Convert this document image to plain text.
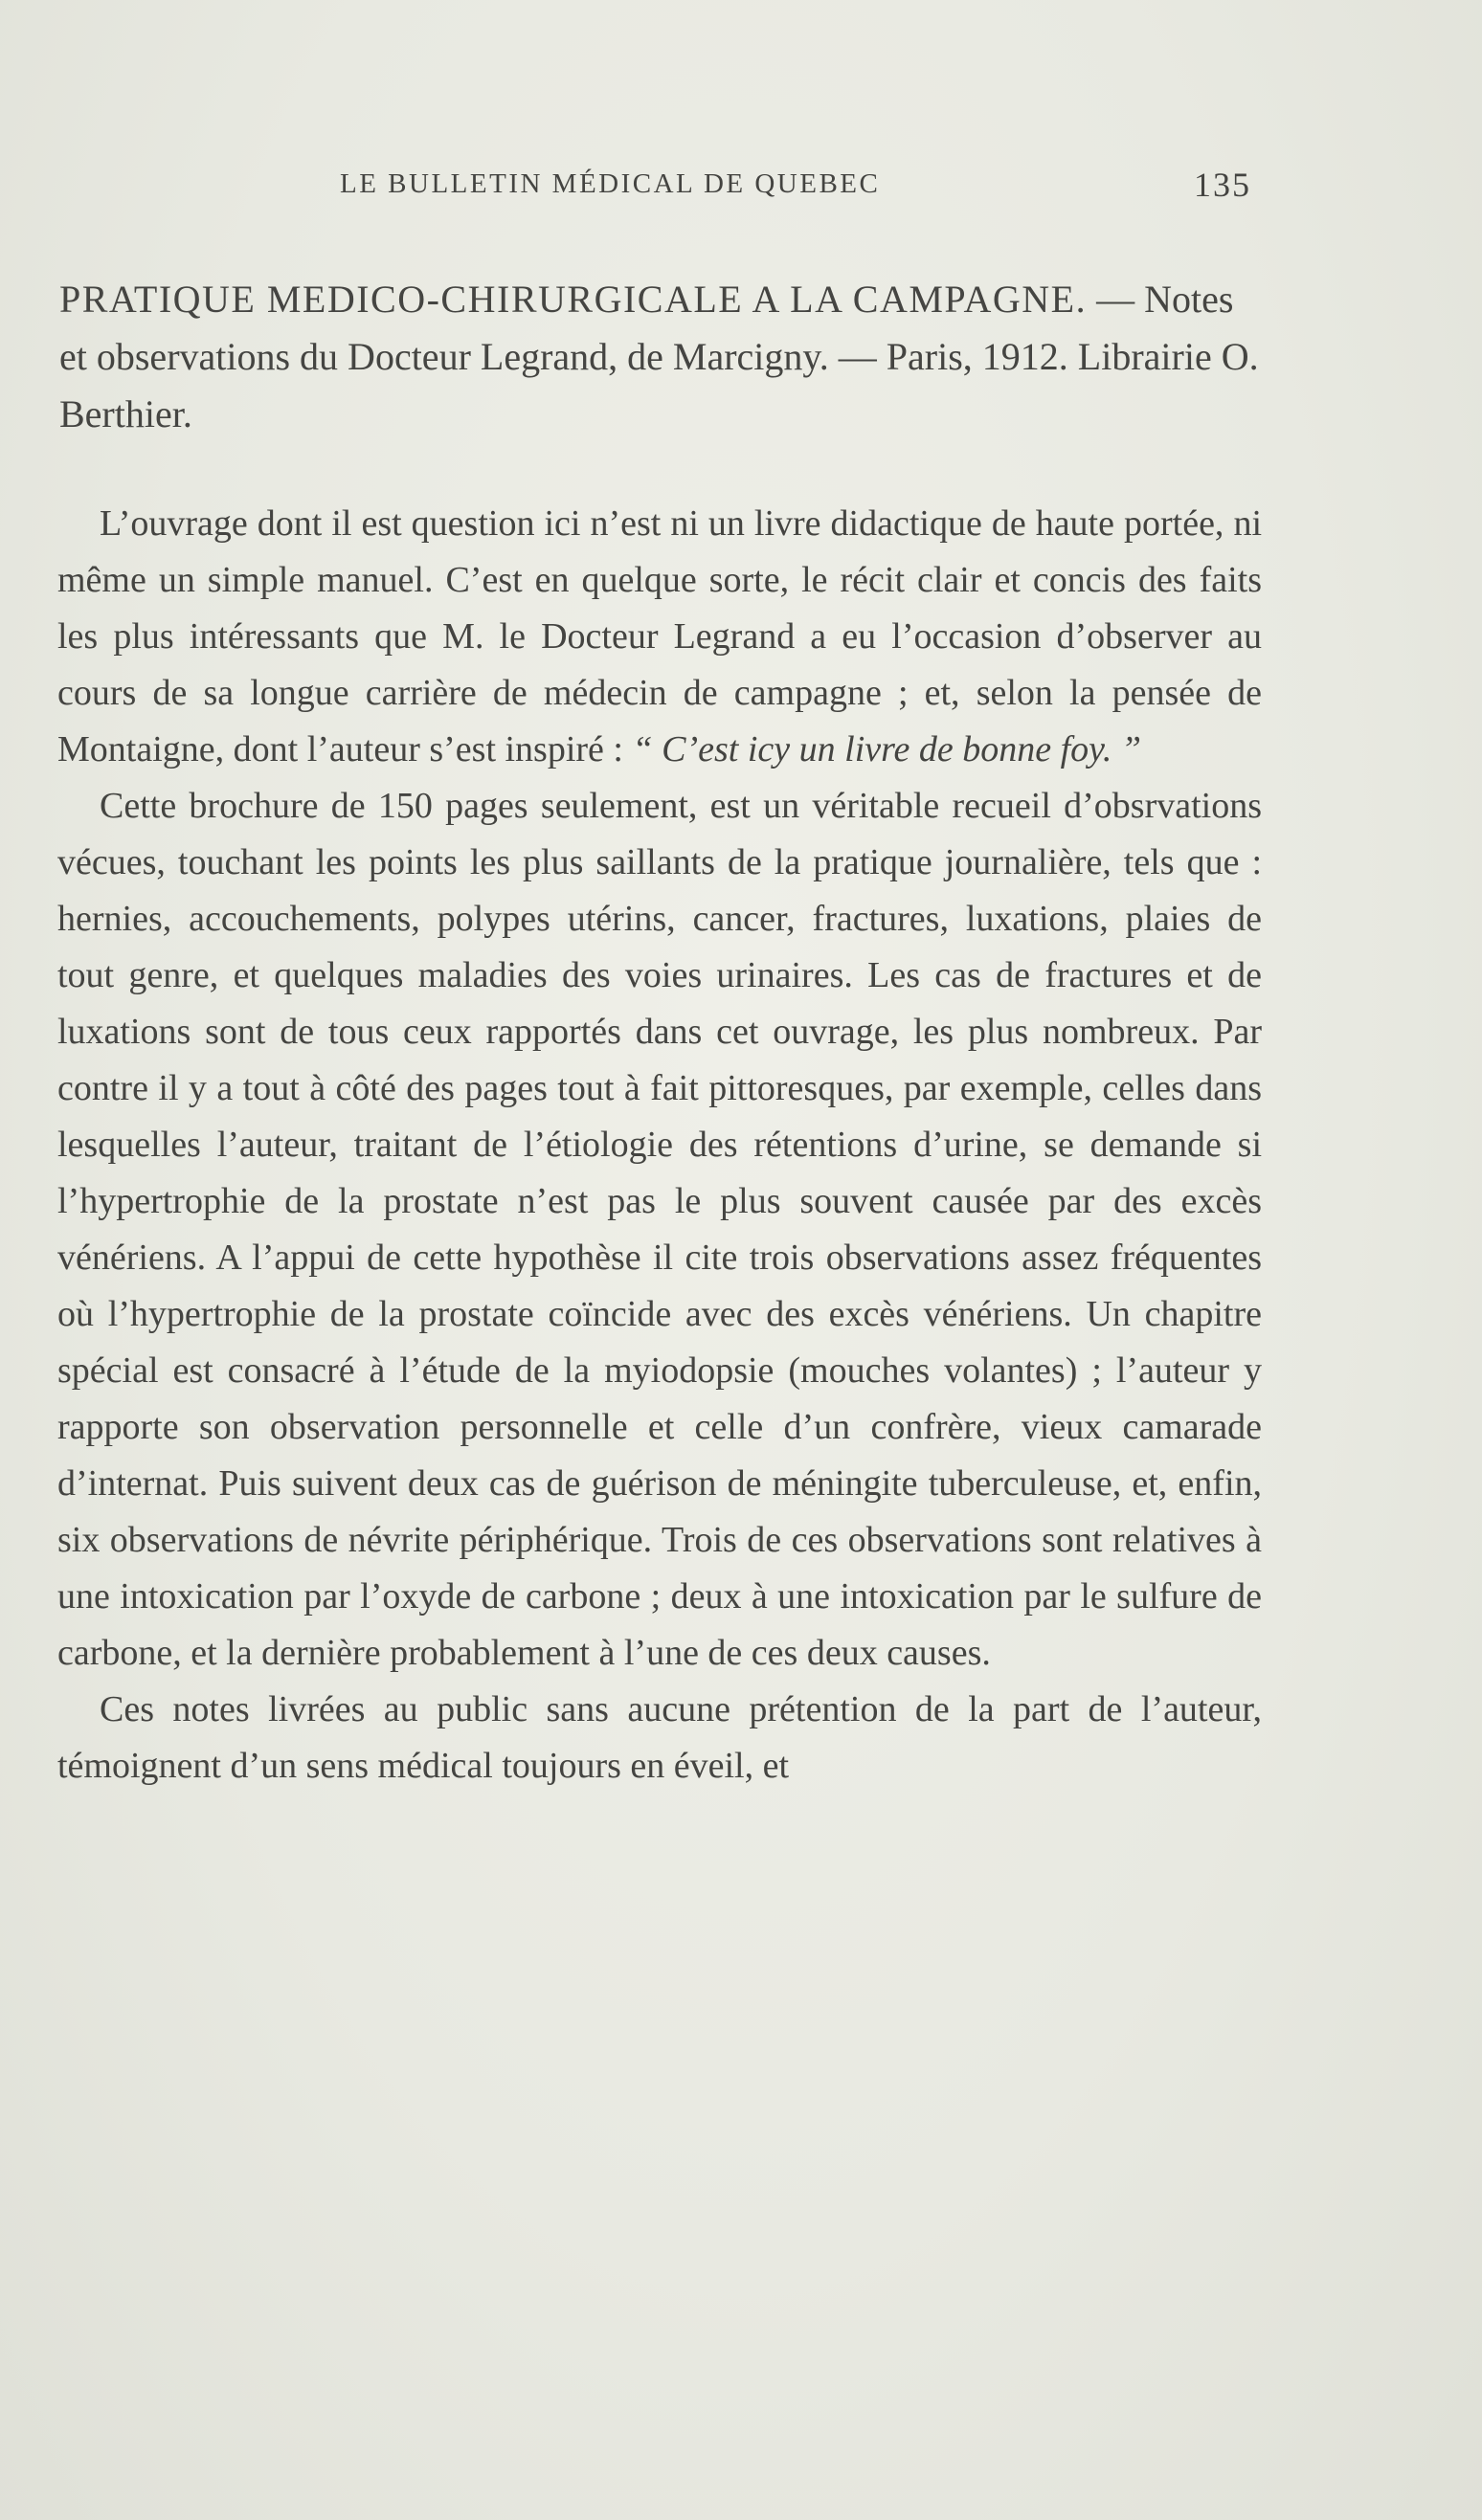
LE BULLETIN MÉDICAL DE QUEBEC	135
PRATIQUE MEDICO-CHIRURGICALE A LA CAMPAGNE. — Notes et observations du Docteur Legrand, de Marcigny. — Paris, 1912. Librairie O. Berthier.

L’ouvrage dont il est question ici n’est ni un livre didactique de haute portée, ni même un simple manuel. C’est en quelque sorte, le récit clair et concis des faits les plus intéressants que M. le Docteur Legrand a eu l’occasion d’observer au cours de sa longue carrière de médecin de campagne ; et, selon la pensée de Montaigne, dont l’auteur s’est inspiré : “ C’est icy un livre de bonne foy. ”

Cette brochure de 150 pages seulement, est un véritable recueil d’obsrvations vécues, touchant les points les plus saillants de la pratique journalière, tels que : hernies, accouchements, polypes utérins, cancer, fractures, luxations, plaies de tout genre, et quelques maladies des voies urinaires. Les cas de fractures et de luxations sont de tous ceux rapportés dans cet ouvrage, les plus nombreux. Par contre il y a tout à côté des pages tout à fait pittoresques, par exemple, celles dans lesquelles l’auteur, traitant de l’étiologie des rétentions d’urine, se demande si l’hypertrophie de la prostate n’est pas le plus souvent causée par des excès vénériens. A l’appui de cette hypothèse il cite trois observations assez fréquentes où l’hypertrophie de la prostate coïncide avec des excès vénériens. Un chapitre spécial est consacré à l’étude de la myiodopsie (mouches volantes) ; l’auteur y rapporte son observation personnelle et celle d’un confrère, vieux camarade d’internat. Puis suivent deux cas de guérison de méningite tuberculeuse, et, enfin, six observations de névrite périphérique. Trois de ces observations sont relatives à une intoxication par l’oxyde de carbone ; deux à une intoxication par le sulfure de carbone, et la dernière probablement à l’une de ces deux causes.

Ces notes livrées au public sans aucune prétention de la part de l’auteur, témoignent d’un sens médical toujours en éveil, et
